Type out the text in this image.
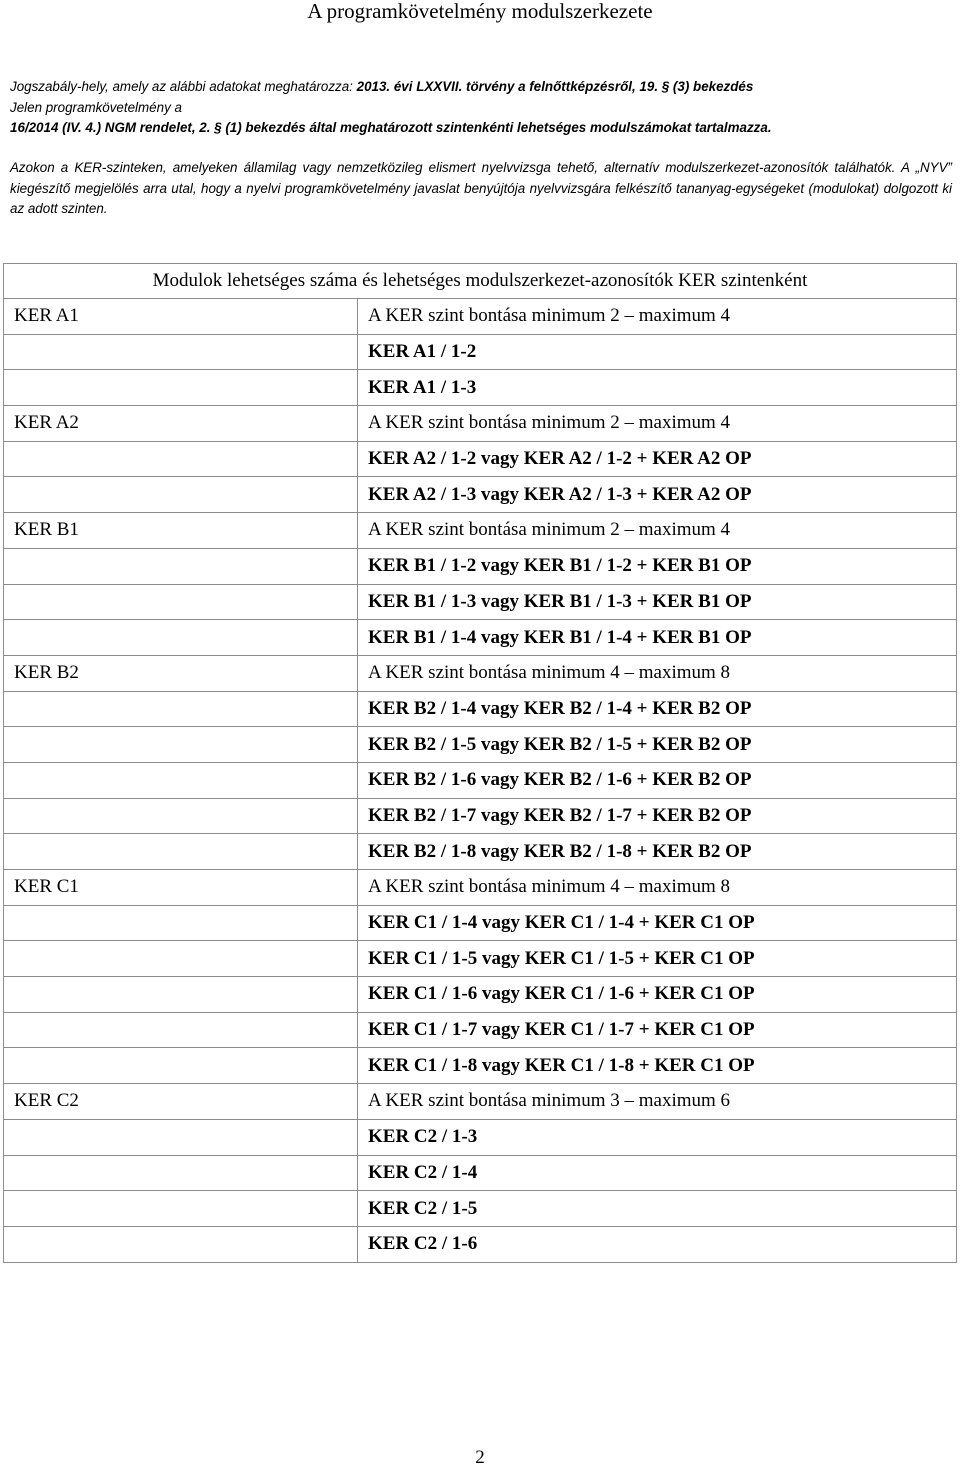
A programkövetelmény modulszerkezete

Jogszabály-hely, amely az alábbi adatokat meghatározza: 2013. évi LXXVII. törvény a felnőttképzésről, 19. § (3) bekezdés

Jelen programkövetelmény a

16/2014 (IV. 4.) NGM rendelet, 2. § (1) bekezdés által meghatározott szintenkénti lehetséges modulszámokat tartalmazza.

Azokon a KER-szinteken, amelyeken államilag vagy nemzetközileg elismert nyelvvizsga tehető, alternatív modulszerkezet-azonosítók találhatók. A „NYV” kiegészítő megjelölés arra utal, hogy a nyelvi programkövetelmény javaslat benyújtója nyelvvizsgára felkészítő tananyag-egységeket (modulokat) dolgozott ki az adott szinten.

Modulok lehetséges száma és lehetséges modulszerkezet-azonosítók KER szintenként	
KER A1	A KER szint bontása minimum 2 – maximum 4
	KER A1 / 1-2
	KER A1 / 1-3
KER A2	A KER szint bontása minimum 2 – maximum 4
	KER A2 / 1-2 vagy KER A2 / 1-2 + KER A2 OP
	KER A2 / 1-3 vagy KER A2 / 1-3 + KER A2 OP
KER B1	A KER szint bontása minimum 2 – maximum 4
	KER B1 / 1-2 vagy KER B1 / 1-2 + KER B1 OP
	KER B1 / 1-3 vagy KER B1 / 1-3 + KER B1 OP
	KER B1 / 1-4 vagy KER B1 / 1-4 + KER B1 OP
KER B2	A KER szint bontása minimum 4 – maximum 8
	KER B2 / 1-4 vagy KER B2 / 1-4 + KER B2 OP
	KER B2 / 1-5 vagy KER B2 / 1-5 + KER B2 OP
	KER B2 / 1-6 vagy KER B2 / 1-6 + KER B2 OP
	KER B2 / 1-7 vagy KER B2 / 1-7 + KER B2 OP
	KER B2 / 1-8 vagy KER B2 / 1-8 + KER B2 OP
KER C1	A KER szint bontása minimum 4 – maximum 8
	KER C1 / 1-4 vagy KER C1 / 1-4 + KER C1 OP
	KER C1 / 1-5 vagy KER C1 / 1-5 + KER C1 OP
	KER C1 / 1-6 vagy KER C1 / 1-6 + KER C1 OP
	KER C1 / 1-7 vagy KER C1 / 1-7 + KER C1 OP
	KER C1 / 1-8 vagy KER C1 / 1-8 + KER C1 OP
KER C2	A KER szint bontása minimum 3 – maximum 6
	KER C2 / 1-3
	KER C2 / 1-4
	KER C2 / 1-5
	KER C2 / 1-6
2
